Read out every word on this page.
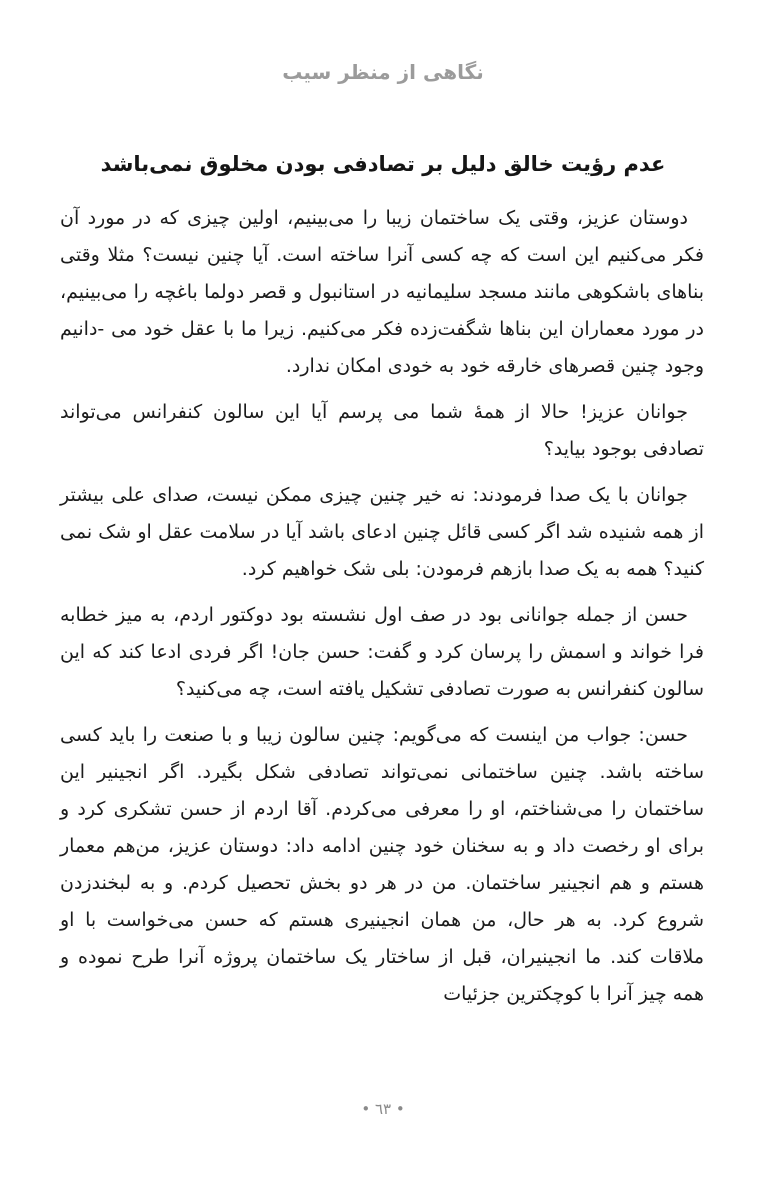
نگاهی از منظر سیب
عدم رؤیت خالق دلیل بر تصادفی بودن مخلوق نمی‌باشد

دوستان عزیز، وقتی یک ساختمان زیبا را می‌بینیم، اولین چیزی که در مورد آن فکر می‌کنیم این است که چه کسی آنرا ساخته است. آیا چنین نیست؟ مثلا وقتی بناهای باشکوهی مانند مسجد سلیمانیه در استانبول و قصر دولما باغچه را می‌بینیم، در مورد معماران این بناها شگفت‌زده فکر می‌کنیم. زیرا ما با عقل خود می -دانیم وجود چنین قصرهای خارقه خود به خودی امکان ندارد.

جوانان عزیز! حالا از همهٔ شما می پرسم آیا این سالون کنفرانس می‌تواند تصادفی بوجود بیاید؟

جوانان با یک صدا فرمودند: نه خیر چنین چیزی ممکن نیست، صدای علی بیشتر از همه شنیده شد اگر کسی قائل چنین ادعای باشد آیا در سلامت عقل او شک نمی کنید؟ همه به یک صدا بازهم فرمودن: بلی شک خواهیم کرد.

حسن از جمله جوانانی بود در صف اول نشسته بود دوکتور اردم، به میز خطابه فرا خواند و اسمش را پرسان کرد و گفت: حسن جان! اگر فردی ادعا کند که این سالون کنفرانس به صورت تصادفی تشکیل یافته است، چه می‌کنید؟

حسن: جواب من اینست که می‌گویم: چنین سالون زیبا و با صنعت را باید کسی ساخته باشد. چنین ساختمانی نمی‌تواند تصادفی شکل بگیرد. اگر انجینیر این ساختمان را می‌شناختم، او را معرفی می‌کردم. آقا اردم از حسن تشکری کرد و برای او رخصت داد و به سخنان خود چنین ادامه داد: دوستان عزیز، من‌هم معمار هستم و هم انجینیر ساختمان. من در هر دو بخش تحصیل کردم. و به لبخندزدن شروع کرد. به هر حال، من همان انجینیری هستم که حسن می‌خواست با او ملاقات کند. ما انجینیران، قبل از ساختار یک ساختمان پروژه آنرا طرح نموده و همه چیز آنرا با کوچکترین جزئیات

• ٦٣ •
